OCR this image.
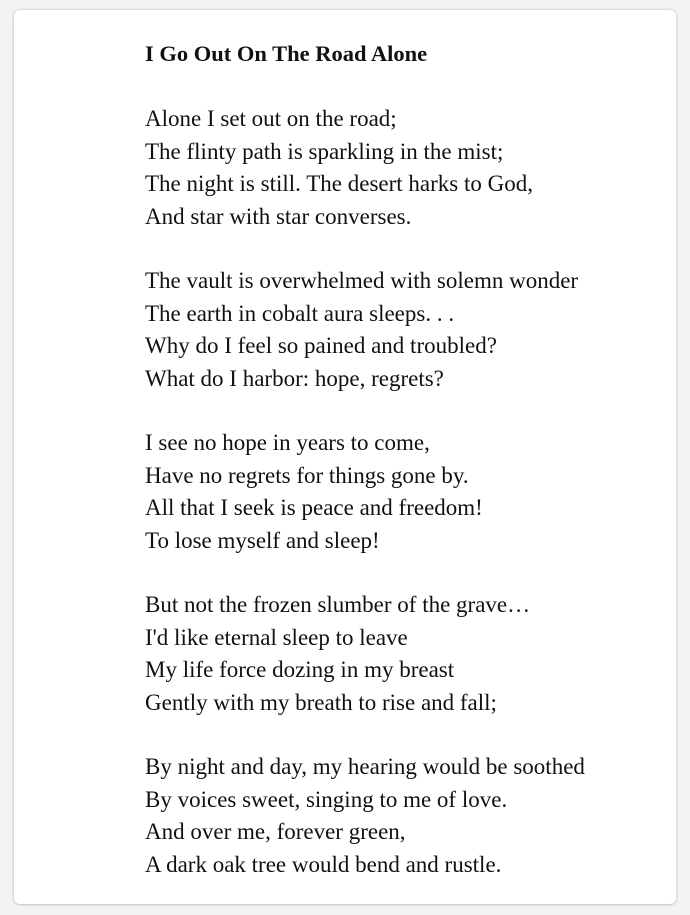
I Go Out On The Road Alone
Alone I set out on the road;
The flinty path is sparkling in the mist;
The night is still. The desert harks to God,
And star with star converses.
The vault is overwhelmed with solemn wonder
The earth in cobalt aura sleeps. . .
Why do I feel so pained and troubled?
What do I harbor: hope, regrets?
I see no hope in years to come,
Have no regrets for things gone by.
All that I seek is peace and freedom!
To lose myself and sleep!
But not the frozen slumber of the grave…
I'd like eternal sleep to leave
My life force dozing in my breast
Gently with my breath to rise and fall;
By night and day, my hearing would be soothed
By voices sweet, singing to me of love.
And over me, forever green,
A dark oak tree would bend and rustle.
